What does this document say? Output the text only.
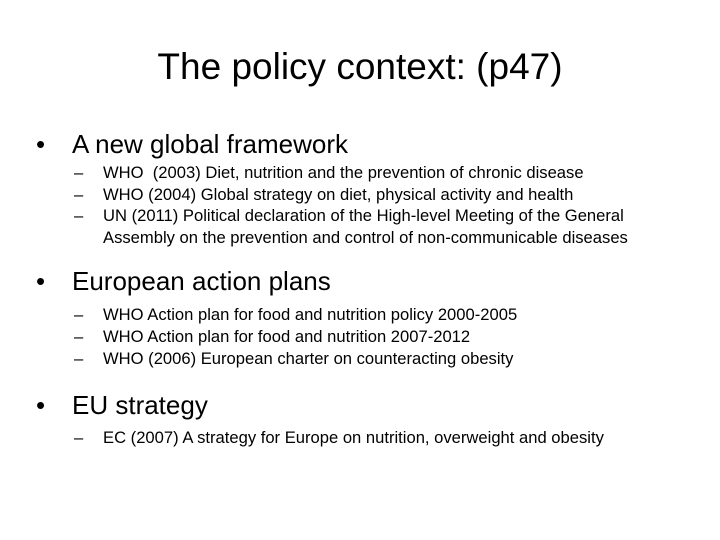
The policy context: (p47)
•	A new global framework
– WHO  (2003) Diet, nutrition and the prevention of chronic disease
– WHO (2004) Global strategy on diet, physical activity and health
– UN (2011) Political declaration of the High-level Meeting of the General Assembly on the prevention and control of non-communicable diseases
•	European action plans
– WHO Action plan for food and nutrition policy 2000-2005
– WHO Action plan for food and nutrition 2007-2012
– WHO (2006) European charter on counteracting obesity
•	EU strategy
– EC (2007) A strategy for Europe on nutrition, overweight and obesity
